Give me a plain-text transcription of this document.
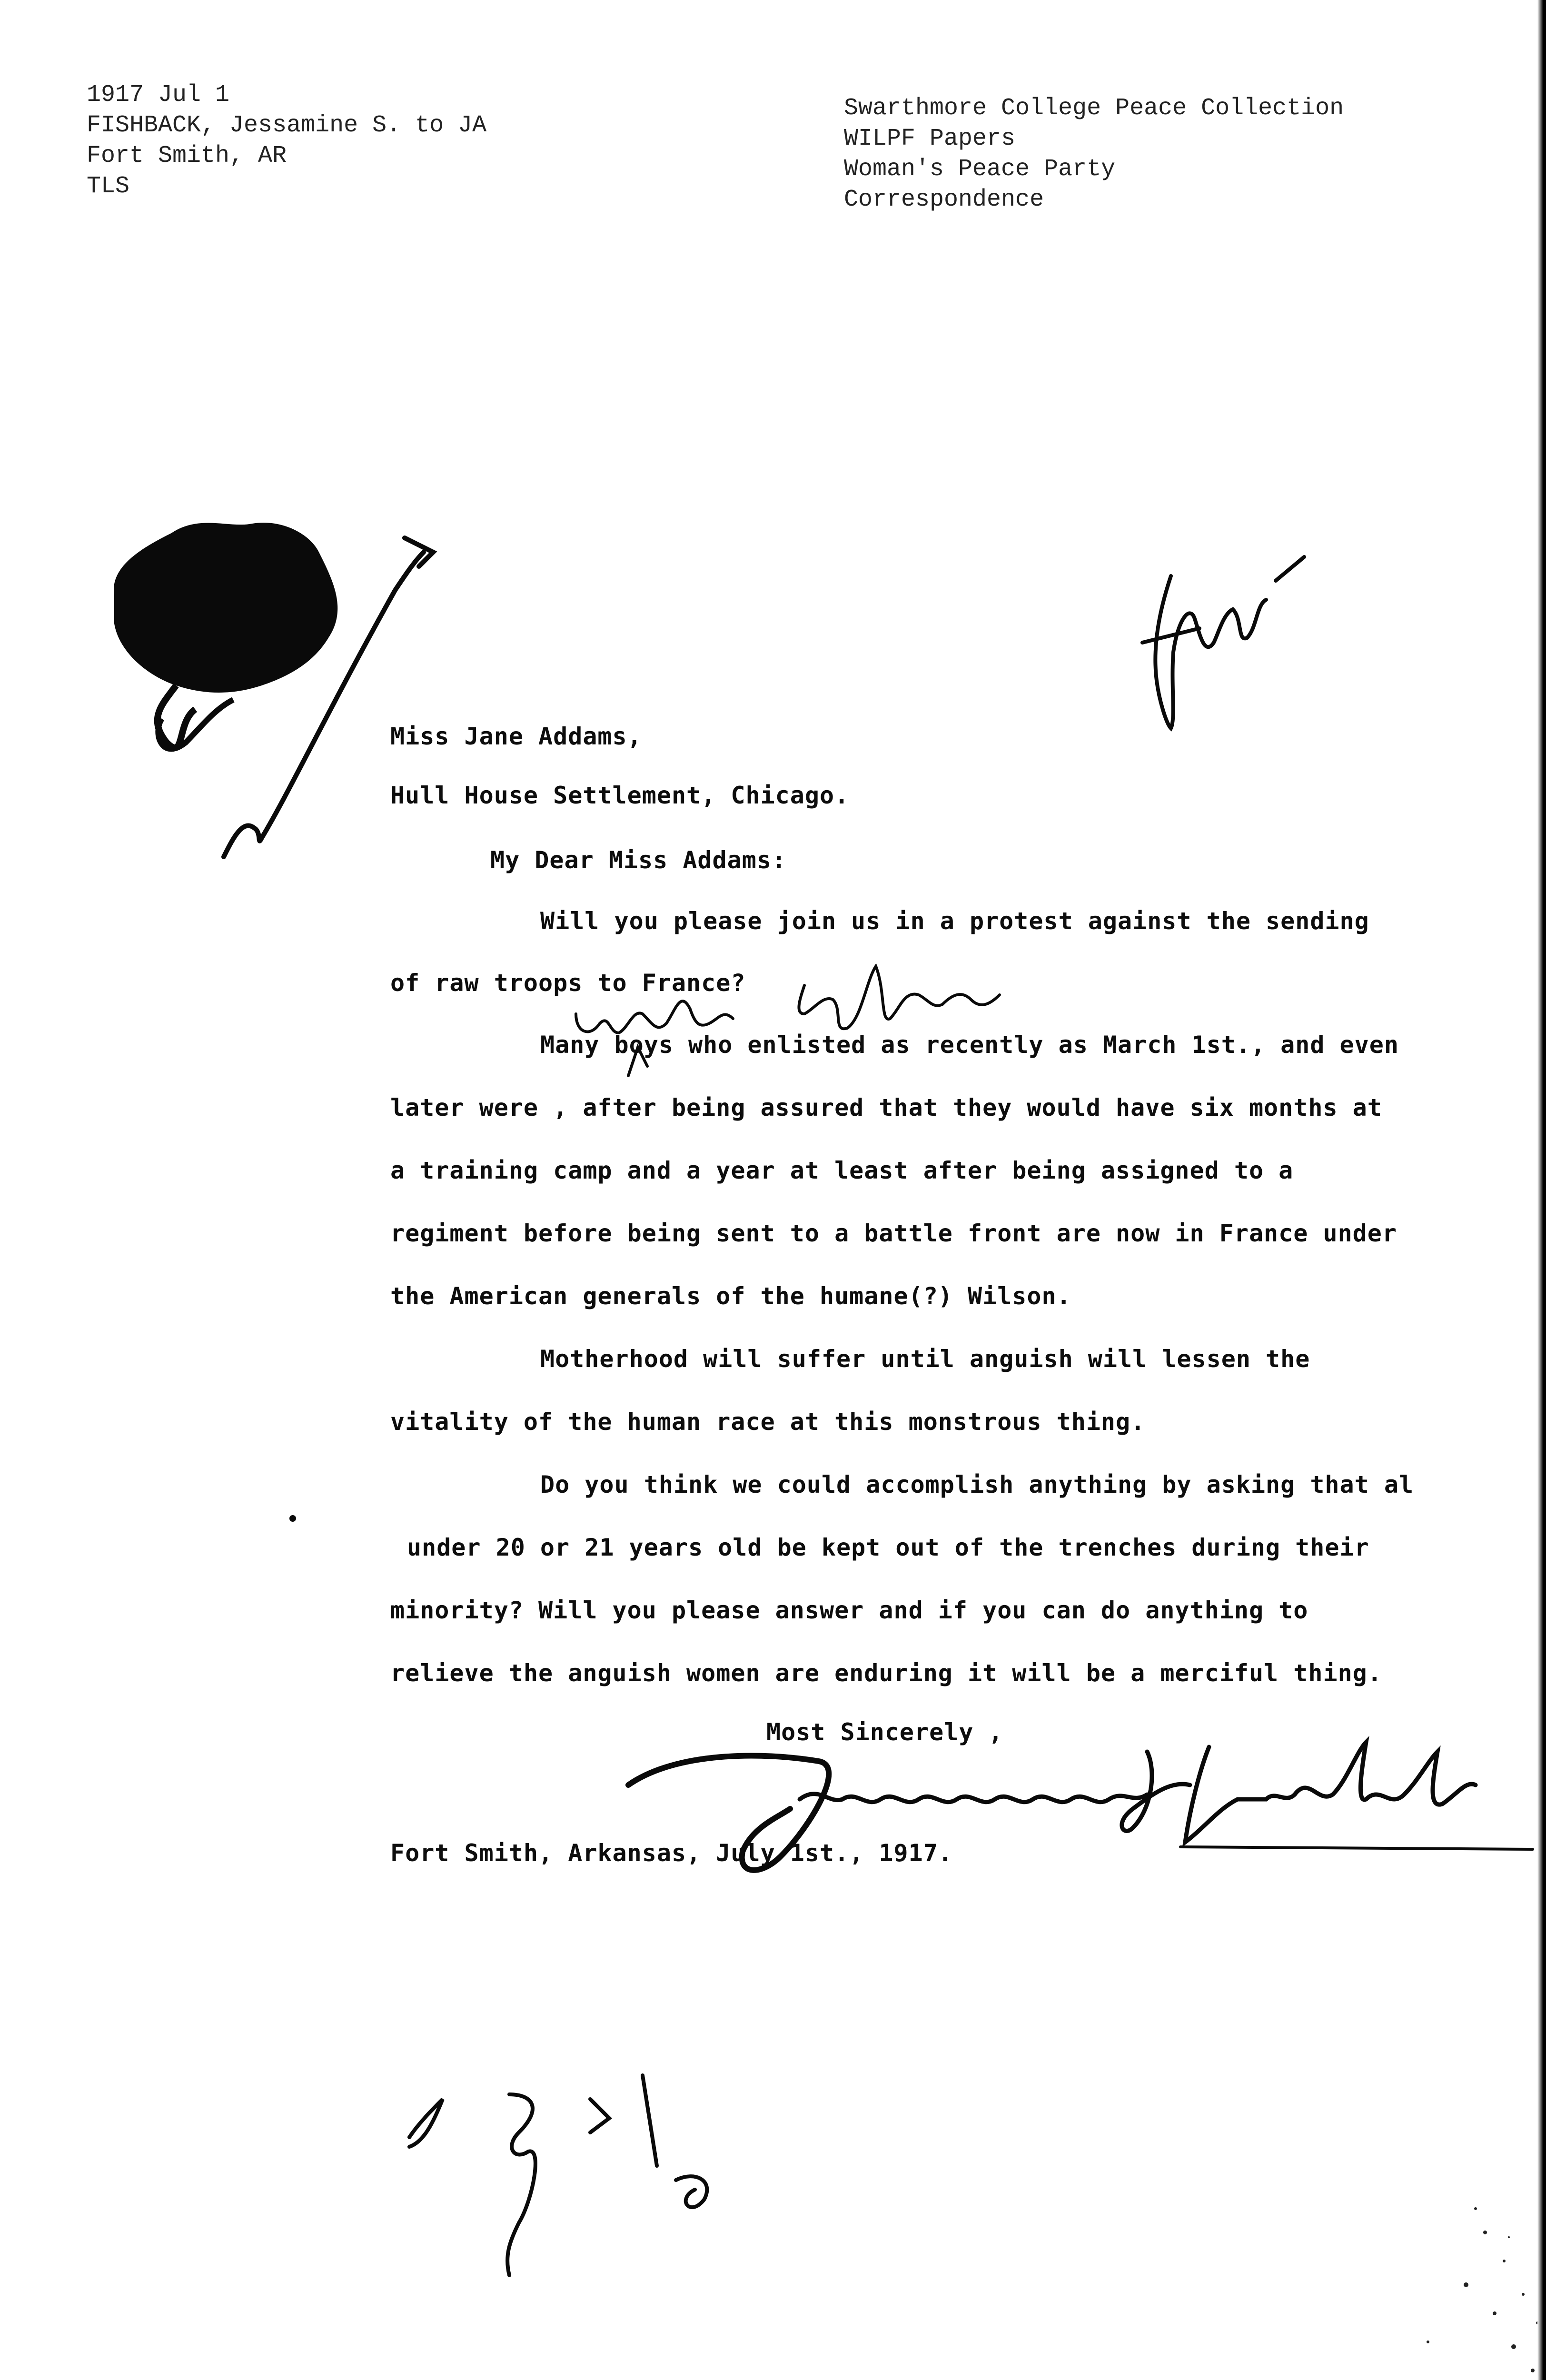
1917 Jul 1
FISHBACK, Jessamine S. to JA
Fort Smith, AR
TLS
Swarthmore College Peace Collection
WILPF Papers
Woman's Peace Party
Correspondence
Miss Jane Addams,
Hull House Settlement, Chicago.
My Dear Miss Addams:
Will you please join us in a protest against the sending
of raw troops to France?
Many boys who enlisted as recently as March 1st., and even
later were , after being assured that they would have six months at
a training camp and a year at least after being assigned to a
regiment before being sent to a battle front are now in France under
the American generals of the humane(?) Wilson.
Motherhood will suffer until anguish will lessen the
vitality of the human race at this monstrous thing.
Do you think we could accomplish anything by asking that al
under 20 or 21 years old be kept out of the trenches during their
minority? Will you please answer and if you can do anything to
relieve the anguish women are enduring it will be a merciful thing.
Most Sincerely ,
Fort Smith, Arkansas, July 1st., 1917.
